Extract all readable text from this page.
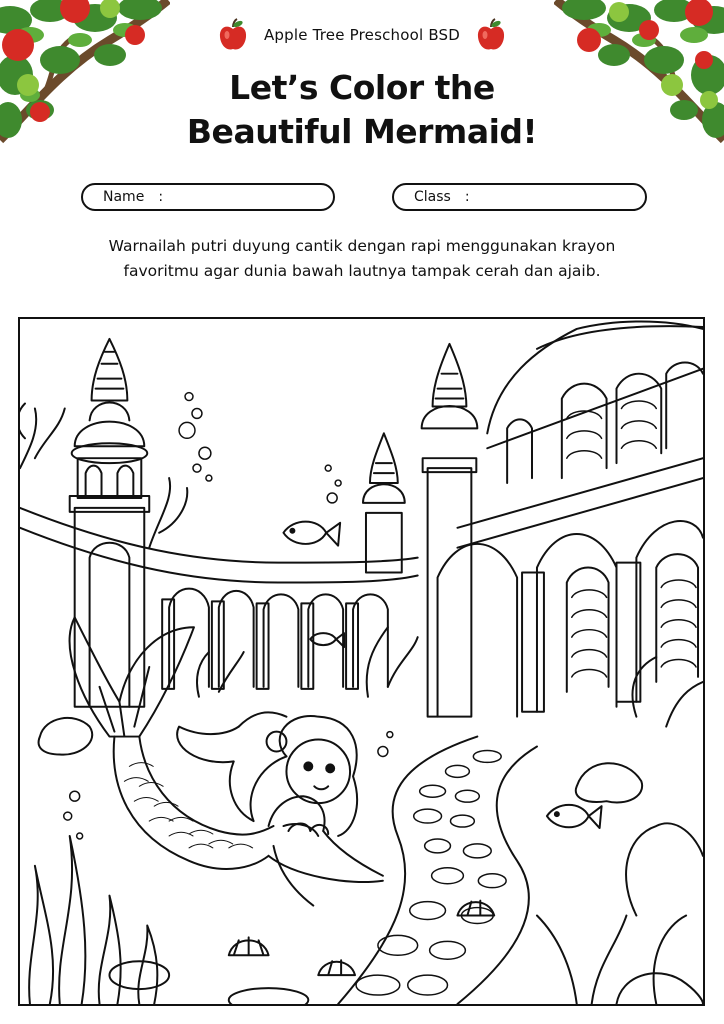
Apple Tree Preschool BSD
Let’s Color the
Beautiful Mermaid!
Name :	Class :

Warnailah putri duyung cantik dengan rapi menggunakan krayon
favoritmu agar dunia bawah lautnya tampak cerah dan ajaib.
